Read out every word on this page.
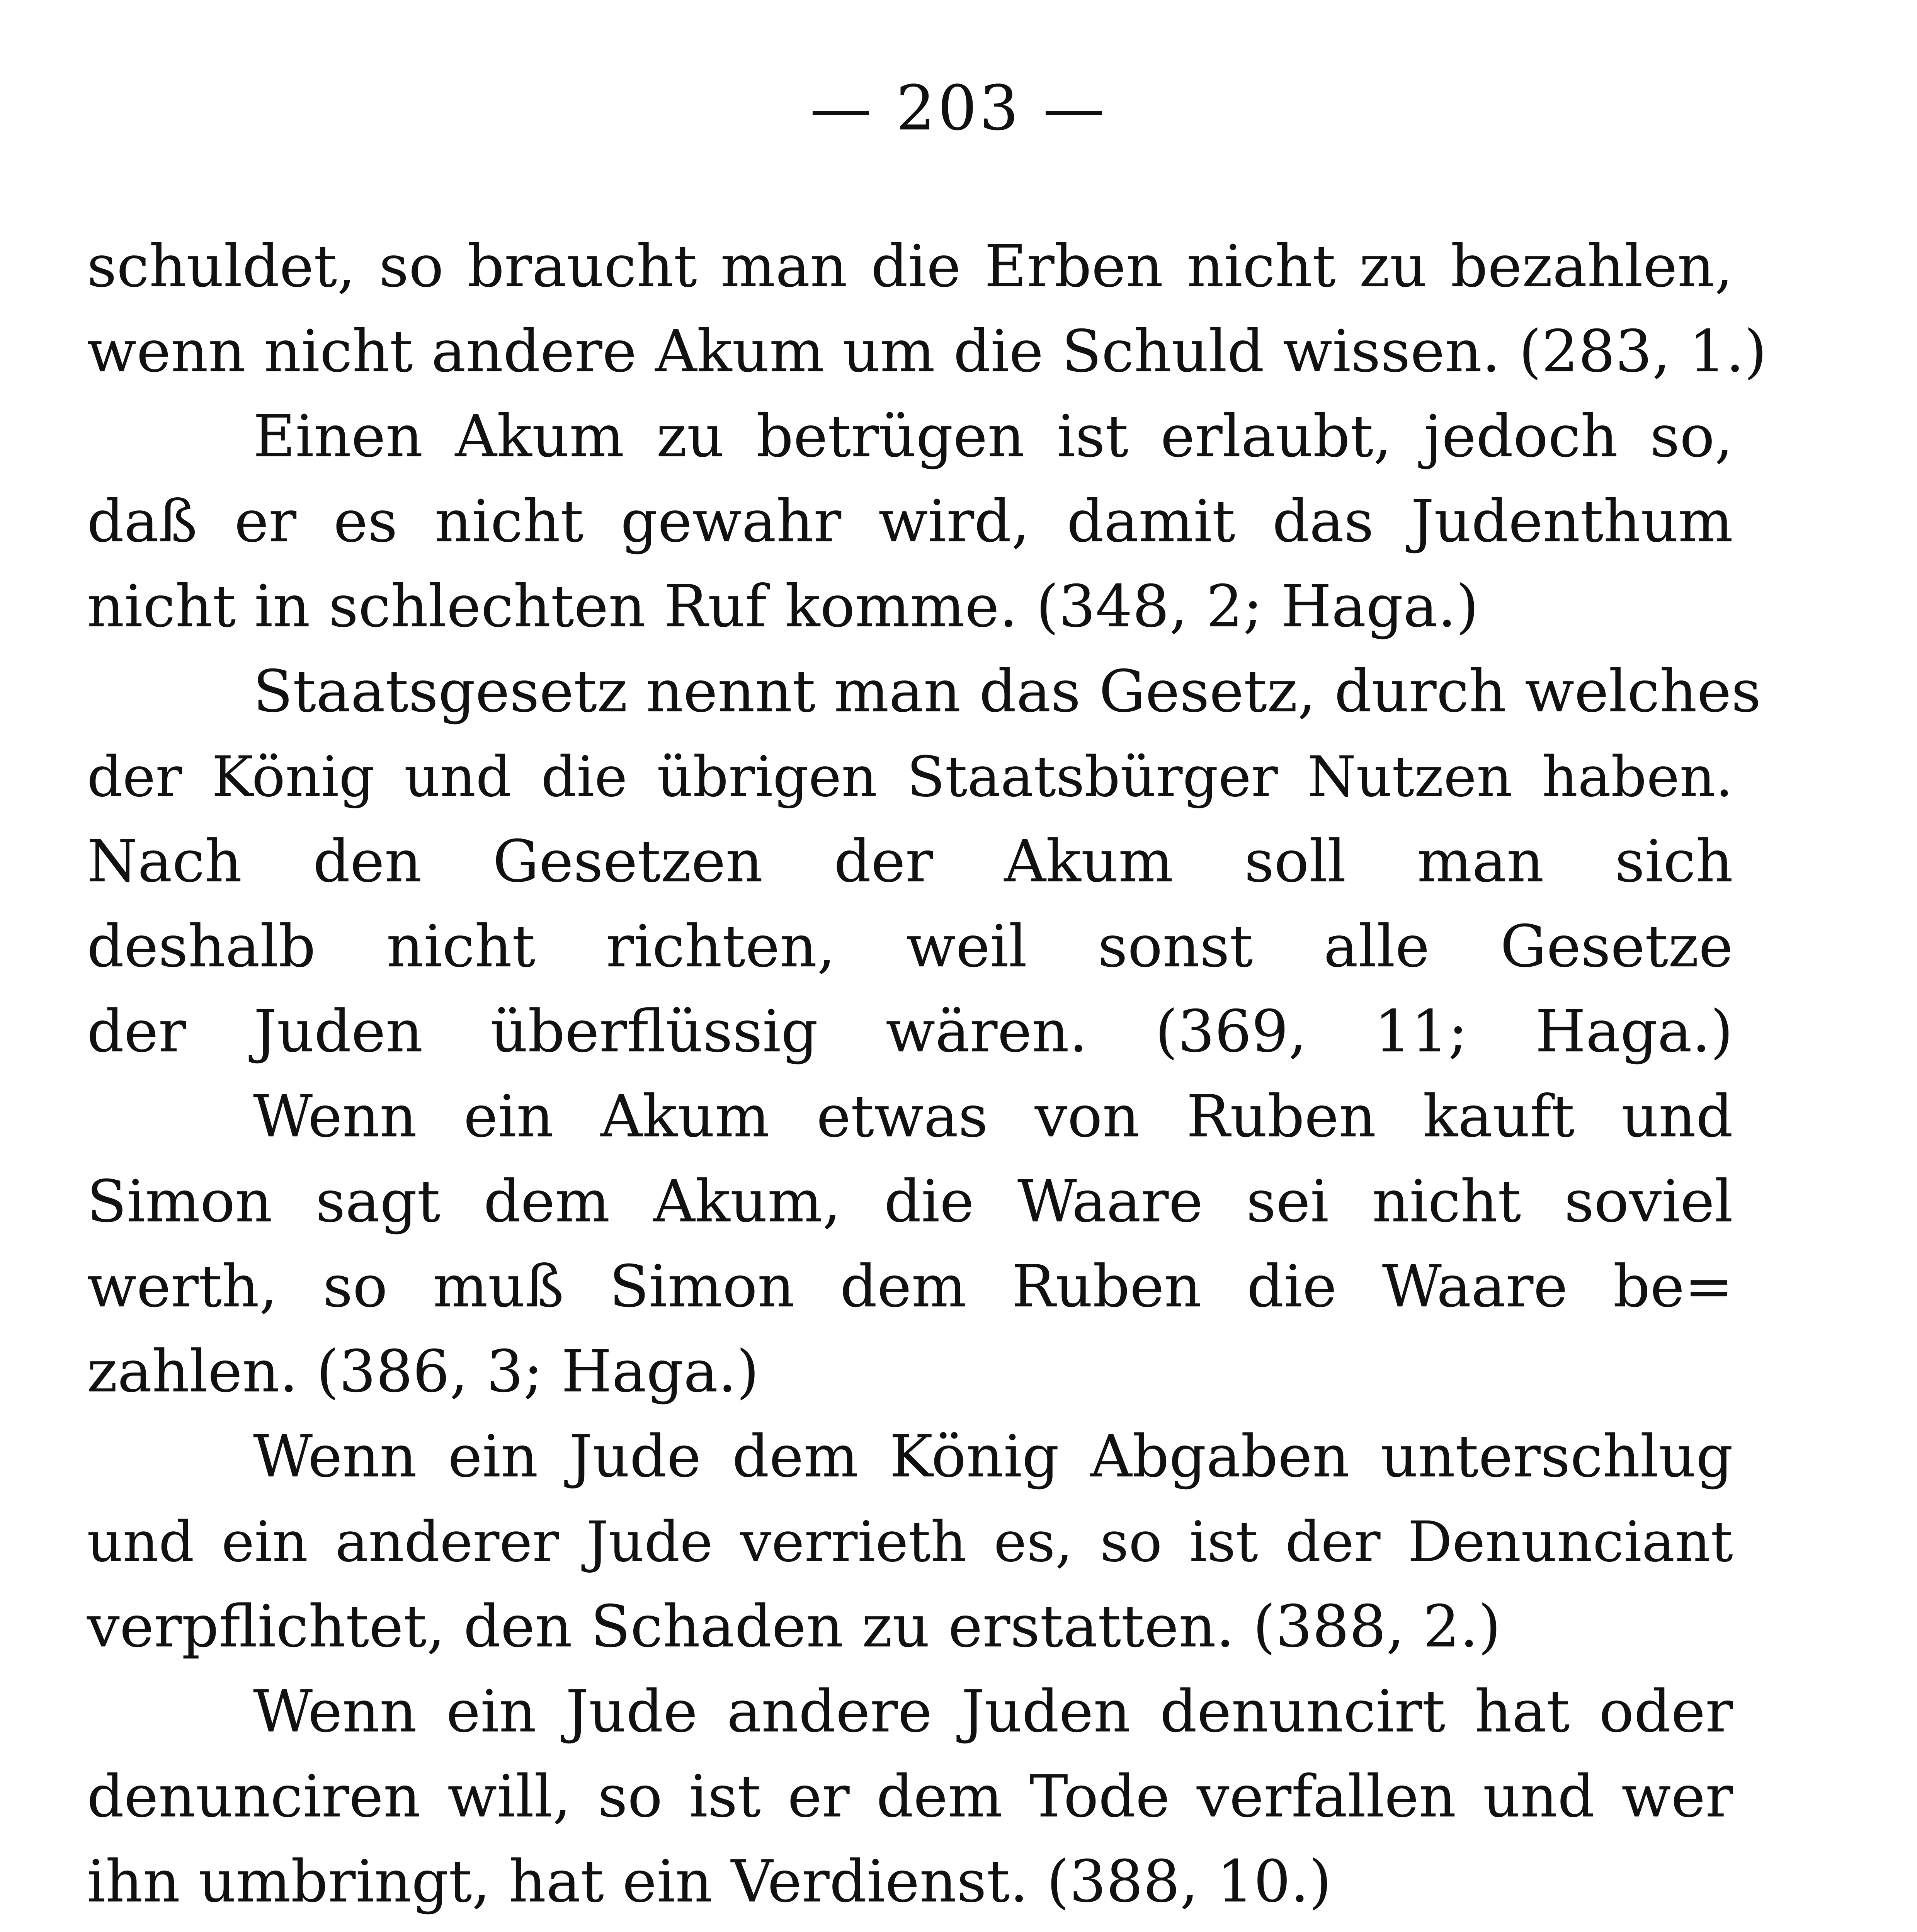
— 203 —
schuldet, so braucht man die Erben nicht zu bezahlen,
wenn nicht andere Akum um die Schuld wissen. (283, 1.)
Einen Akum zu betrügen ist erlaubt, jedoch so,
daß er es nicht gewahr wird, damit das Judenthum
nicht in schlechten Ruf komme. (348, 2; Haga.)
Staatsgesetz nennt man das Gesetz, durch welches
der König und die übrigen Staatsbürger Nutzen haben.
Nach den Gesetzen der Akum soll man sich
deshalb nicht richten, weil sonst alle Gesetze
der Juden überflüssig wären. (369, 11; Haga.)
Wenn ein Akum etwas von Ruben kauft und
Simon sagt dem Akum, die Waare sei nicht soviel
werth, so muß Simon dem Ruben die Waare be=
zahlen. (386, 3; Haga.)
Wenn ein Jude dem König Abgaben unterschlug
und ein anderer Jude verrieth es, so ist der Denunciant
verpflichtet, den Schaden zu erstatten. (388, 2.)
Wenn ein Jude andere Juden denuncirt hat oder
denunciren will, so ist er dem Tode verfallen und wer
ihn umbringt, hat ein Verdienst. (388, 10.)
